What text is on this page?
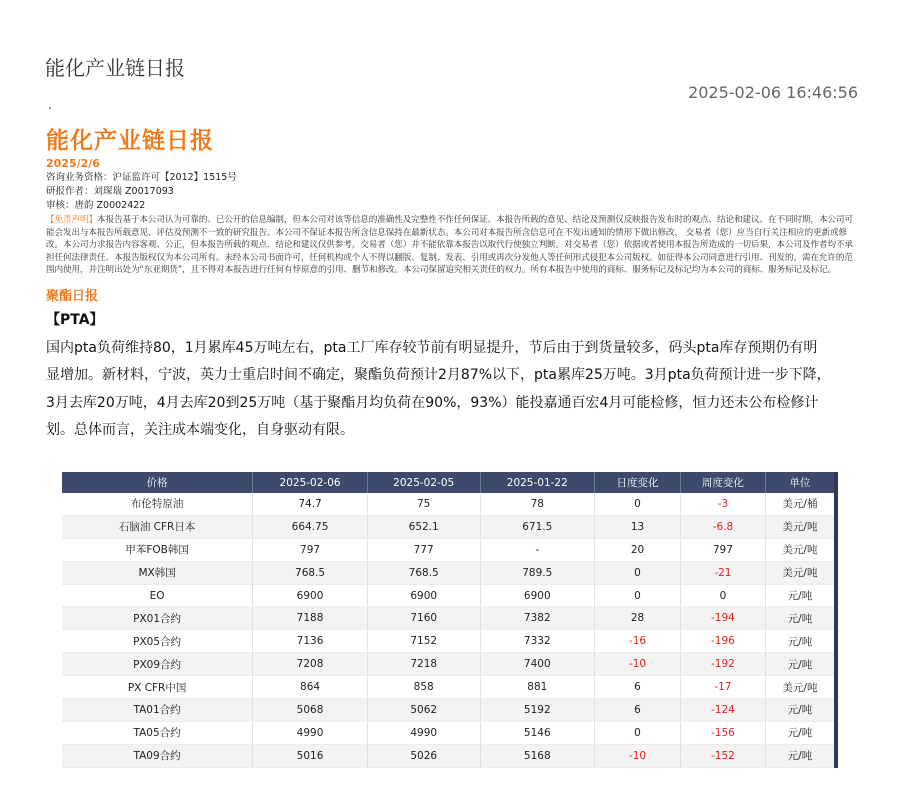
能化产业链日报
2025-02-06 16:46:56
.
能化产业链日报
2025/2/6
咨询业务资格：沪证监许可【2012】1515号
研报作者：刘琛瑞 Z0017093
审核：唐韵 Z0002422
【免责声明】本报告基于本公司认为可靠的、已公开的信息编制，但本公司对该等信息的准确性及完整性不作任何保证。本报告所载的意见、结论及预测仅反映报告发布时的观点、结论和建议。在不同时期，本公司可能会发出与本报告所载意见、评估及预测不一致的研究报告。本公司不保证本报告所含信息保持在最新状态。本公司对本报告所含信息可在不发出通知的情形下做出修改， 交易者（您）应当自行关注相应的更新或修改。本公司力求报告内容客观、公正，但本报告所载的观点、结论和建议仅供参考，交易者（您）并不能依靠本报告以取代行使独立判断。对交易者（您）依据或者使用本报告所造成的一切后果，本公司及作者均不承担任何法律责任。本报告版权仅为本公司所有。未经本公司书面许可，任何机构或个人不得以翻版、复制、发表、引用或再次分发他人等任何形式侵犯本公司版权。如征得本公司同意进行引用、刊发的，需在允许的范围内使用，并注明出处为“东亚期货”，且不得对本报告进行任何有悖原意的引用、删节和修改。本公司保留追究相关责任的权力。所有本报告中使用的商标、服务标记及标记均为本公司的商标、服务标记及标记。
聚酯日报
【PTA】
国内pta负荷维持80，1月累库45万吨左右，pta工厂库存较节前有明显提升，节后由于到货量较多，码头pta库存预期仍有明显增加。新材料，宁波，英力士重启时间不确定，聚酯负荷预计2月87%以下，pta累库25万吨。3月pta负荷预计进一步下降，3月去库20万吨，4月去库20到25万吨（基于聚酯月均负荷在90%，93%）能投嘉通百宏4月可能检修，恒力还未公布检修计划。总体而言，关注成本端变化，自身驱动有限。
价格	2025-02-06	2025-02-05	2025-01-22	日度变化	周度变化	单位
布伦特原油	74.7	75	78	0	-3	美元/桶
石脑油 CFR日本	664.75	652.1	671.5	13	-6.8	美元/吨
甲苯FOB韩国	797	777	-	20	797	美元/吨
MX韩国	768.5	768.5	789.5	0	-21	美元/吨
EO	6900	6900	6900	0	0	元/吨
PX01合约	7188	7160	7382	28	-194	元/吨
PX05合约	7136	7152	7332	-16	-196	元/吨
PX09合约	7208	7218	7400	-10	-192	元/吨
PX CFR中国	864	858	881	6	-17	美元/吨
TA01合约	5068	5062	5192	6	-124	元/吨
TA05合约	4990	4990	5146	0	-156	元/吨
TA09合约	5016	5026	5168	-10	-152	元/吨
